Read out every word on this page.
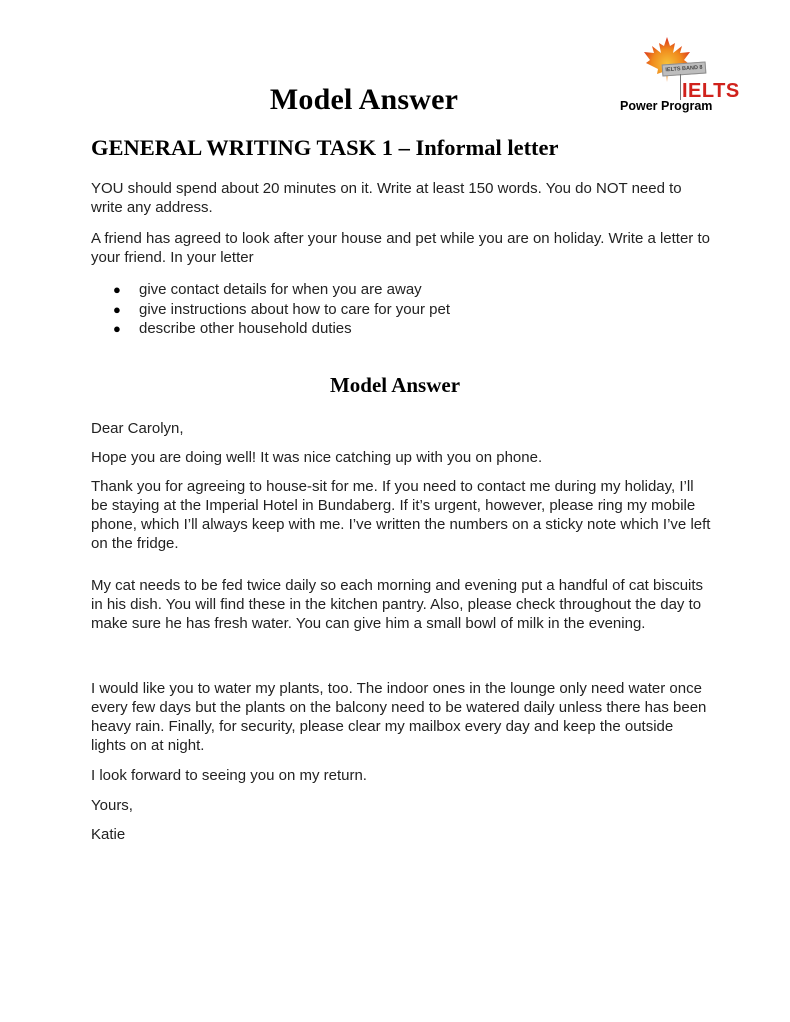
Model Answer
IELTS BAND 8
IELTS
Power Program
GENERAL WRITING TASK 1 – Informal letter

YOU should spend about 20 minutes on it. Write at least 150 words. You do NOT need to write any address.

A friend has agreed to look after your house and pet while you are on holiday. Write a letter to your friend. In your letter

● give contact details for when you are away
● give instructions about how to care for your pet
● describe other household duties
Model Answer
Dear Carolyn,
Hope you are doing well! It was nice catching up with you on phone.
Thank you for agreeing to house-sit for me. If you need to contact me during my holiday, I’ll be staying at the Imperial Hotel in Bundaberg. If it’s urgent, however, please ring my mobile phone, which I’ll always keep with me. I’ve written the numbers on a sticky note which I’ve left on the fridge.
My cat needs to be fed twice daily so each morning and evening put a handful of cat biscuits in his dish. You will find these in the kitchen pantry. Also, please check throughout the day to make sure he has fresh water. You can give him a small bowl of milk in the evening.
I would like you to water my plants, too. The indoor ones in the lounge only need water once every few days but the plants on the balcony need to be watered daily unless there has been heavy rain. Finally, for security, please clear my mailbox every day and keep the outside lights on at night.
I look forward to seeing you on my return.
Yours,
Katie
